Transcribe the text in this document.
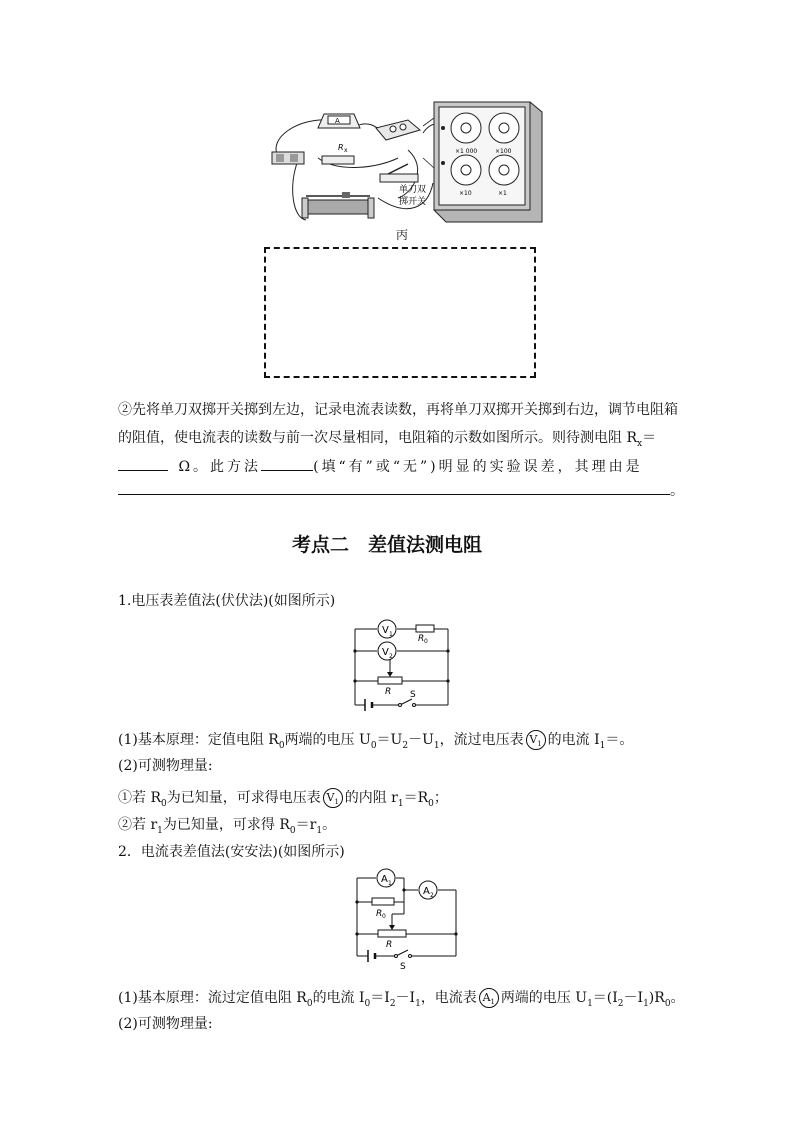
A
R x
单刀双
掷开关
×1 000	×100
×10	×1
丙
②先将单刀双掷开关掷到左边，记录电流表读数，再将单刀双掷开关掷到右边，调节电阻箱
的阻值，使电流表的读数与前一次尽量相同，电阻箱的示数如图所示。则待测电阻 $R_x=$
Ω。此方法	(填“有”或“无”)明显的实验误差，其理由是
。
考点二　差值法测电阻
1.电压表差值法(伏伏法)(如图所示)
V 1
V 2
R 0
R S
(1)基本原理：定值电阻 $R_0$两端的电压 $U_0=U_2-U_1$，流过电压表 $V_1$ 的电流 $I_1=$。
(2)可测物理量:
①若 $R_0$为已知量，可求得电压表 $V_1$ 的内阻 $r_1=R_0$；
②若 $r_1$为已知量，可求得 $R_0=r_1$。
2．电流表差值法(安安法)(如图所示)
A 1
A 2
R 0
R
S
(1)基本原理：流过定值电阻 $R_0$的电流 $I_0=I_2-I_1$，电流表 $A_1$ 两端的电压 $U_1=(I_2-I_1)R_0$。
(2)可测物理量:
